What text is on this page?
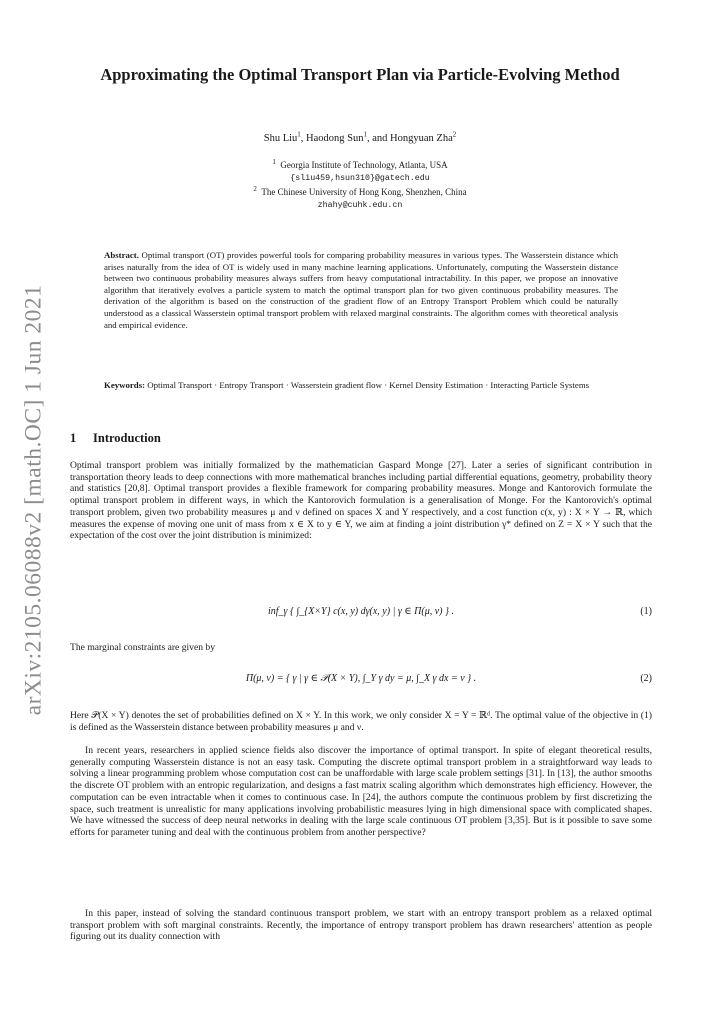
arXiv:2105.06088v2 [math.OC] 1 Jun 2021
Approximating the Optimal Transport Plan via Particle-Evolving Method
Shu Liu$^1$, Haodong Sun$^1$, and Hongyuan Zha$^2$
$^1$ Georgia Institute of Technology, Atlanta, USA
{sliu459,hsun310}@gatech.edu
$^2$ The Chinese University of Hong Kong, Shenzhen, China
zhahy@cuhk.edu.cn
Abstract. Optimal transport (OT) provides powerful tools for comparing probability measures in various types. The Wasserstein distance which arises naturally from the idea of OT is widely used in many machine learning applications. Unfortunately, computing the Wasserstein distance between two continuous probability measures always suffers from heavy computational intractability. In this paper, we propose an innovative algorithm that iteratively evolves a particle system to match the optimal transport plan for two given continuous probability measures. The derivation of the algorithm is based on the construction of the gradient flow of an Entropy Transport Problem which could be naturally understood as a classical Wasserstein optimal transport problem with relaxed marginal constraints. The algorithm comes with theoretical analysis and empirical evidence.
Keywords: Optimal Transport · Entropy Transport · Wasserstein gradient flow · Kernel Density Estimation · Interacting Particle Systems
1 Introduction
Optimal transport problem was initially formalized by the mathematician Gaspard Monge [27]. Later a series of significant contribution in transportation theory leads to deep connections with more mathematical branches including partial differential equations, geometry, probability theory and statistics [20,8]. Optimal transport provides a flexible framework for comparing probability measures. Monge and Kantorovich formulate the optimal transport problem in different ways, in which the Kantorovich formulation is a generalisation of Monge. For the Kantorovich's optimal transport problem, given two probability measures μ and ν defined on spaces X and Y respectively, and a cost function c(x, y) : X × Y → ℝ, which measures the expense of moving one unit of mass from x ∈ X to y ∈ Y, we aim at finding a joint distribution γ* defined on Z = X × Y such that the expectation of the cost over the joint distribution is minimized:
inf_γ { ∫_{X×Y} c(x, y) dγ(x, y) | γ ∈ Π(μ, ν) } .	(1)
The marginal constraints are given by
Π(μ, ν) = { γ | γ ∈ 𝒫(X × Y), ∫_Y γ dy = μ, ∫_X γ dx = ν } .	(2)
Here 𝒫(X × Y) denotes the set of probabilities defined on X × Y. In this work, we only consider X = Y = ℝᵈ. The optimal value of the objective in (1) is defined as the Wasserstein distance between probability measures μ and ν.
In recent years, researchers in applied science fields also discover the importance of optimal transport. In spite of elegant theoretical results, generally computing Wasserstein distance is not an easy task. Computing the discrete optimal transport problem in a straightforward way leads to solving a linear programming problem whose computation cost can be unaffordable with large scale problem settings [31]. In [13], the author smooths the discrete OT problem with an entropic regularization, and designs a fast matrix scaling algorithm which demonstrates high efficiency. However, the computation can be even intractable when it comes to continuous case. In [24], the authors compute the continuous problem by first discretizing the space, such treatment is unrealistic for many applications involving probabilistic measures lying in high dimensional space with complicated shapes. We have witnessed the success of deep neural networks in dealing with the large scale continuous OT problem [3,35]. But is it possible to save some efforts for parameter tuning and deal with the continuous problem from another perspective?
In this paper, instead of solving the standard continuous transport problem, we start with an entropy transport problem as a relaxed optimal transport problem with soft marginal constraints. Recently, the importance of entropy transport problem has drawn researchers' attention as people figuring out its duality connection with
